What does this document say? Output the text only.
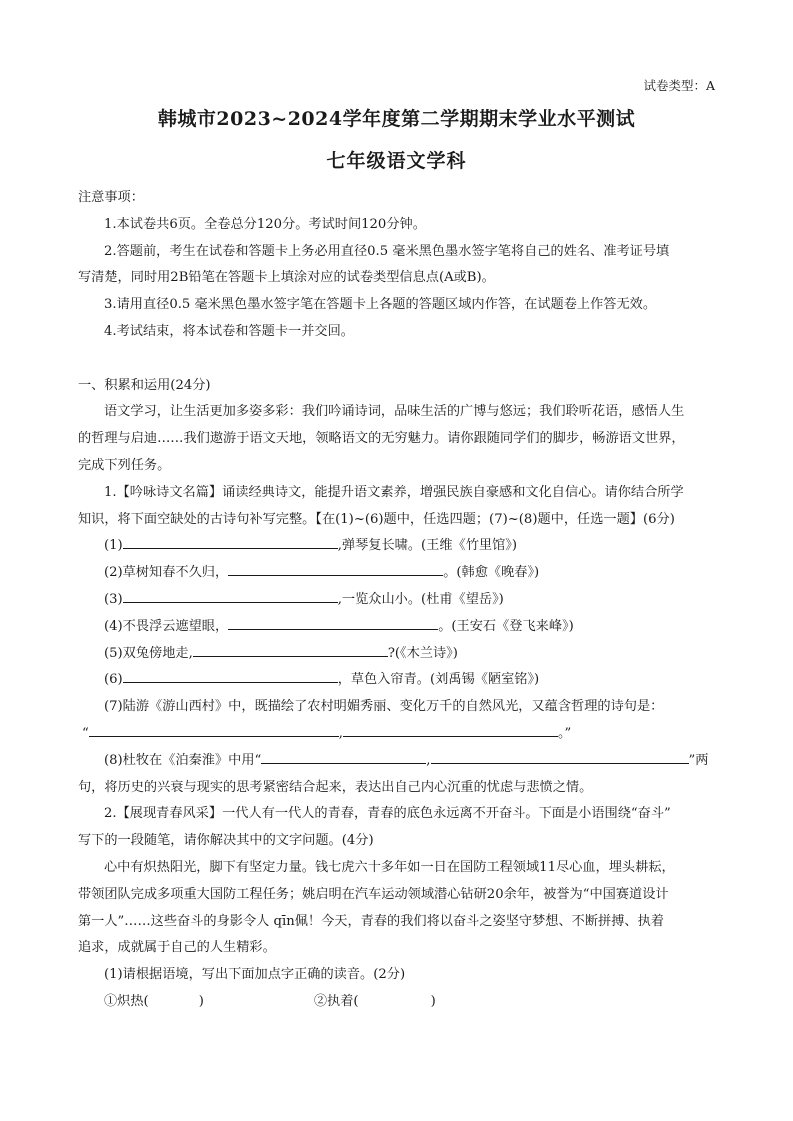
试卷类型：A
韩城市2023~2024学年度第二学期期末学业水平测试
七年级语文学科
注意事项：
1.本试卷共6页。全卷总分120分。考试时间120分钟。
2.答题前，考生在试卷和答题卡上务必用直径0.5 毫米黑色墨水签字笔将自己的姓名、准考证号填
写清楚，同时用2B铅笔在答题卡上填涂对应的试卷类型信息点(A或B)。
3.请用直径0.5 毫米黑色墨水签字笔在答题卡上各题的答题区域内作答，在试题卷上作答无效。
4.考试结束，将本试卷和答题卡一并交回。
一、积累和运用(24分)
语文学习，让生活更加多姿多彩：我们吟诵诗词，品味生活的广博与悠远；我们聆听花语，感悟人生
的哲理与启迪……我们遨游于语文天地，领略语文的无穷魅力。请你跟随同学们的脚步，畅游语文世界，
完成下列任务。
1.【吟咏诗文名篇】诵读经典诗文，能提升语文素养，增强民族自豪感和文化自信心。请你结合所学
知识，将下面空缺处的古诗句补写完整。【在(1)~(6)题中，任选四题；(7)~(8)题中，任选一题】(6分)
(1)	,弹琴复长啸。(王维《竹里馆》)
(2)草树知春不久归，	。(韩愈《晚春》)
(3)	,一览众山小。(杜甫《望岳》)
(4)不畏浮云遮望眼，	。(王安石《登飞来峰》)
(5)双兔傍地走,	?(《木兰诗》)
(6)	，草色入帘青。(刘禹锡《陋室铭》)
(7)陆游《游山西村》中，既描绘了农村明媚秀丽、变化万千的自然风光，又蕴含哲理的诗句是：
“	,	。”
(8)杜牧在《泊秦淮》中用“	,	”两
句，将历史的兴衰与现实的思考紧密结合起来，表达出自己内心沉重的忧虑与悲愤之情。
2.【展现青春风采】一代人有一代人的青春，青春的底色永远离不开奋斗。下面是小语围绕“奋斗”
写下的一段随笔，请你解决其中的文字问题。(4分)
心中有炽热阳光，脚下有坚定力量。钱七虎六十多年如一日在国防工程领域11尽心血，埋头耕耘，
带领团队完成多项重大国防工程任务；姚启明在汽车运动领域潜心钻研20余年，被誉为“中国赛道设计
第一人”……这些奋斗的身影令人 qīn佩！今天，青春的我们将以奋斗之姿坚守梦想、不断拼搏、执着
追求，成就属于自己的人生精彩。
(1)请根据语境，写出下面加点字正确的读音。(2分)
①炽热(	)	②执着(	)
